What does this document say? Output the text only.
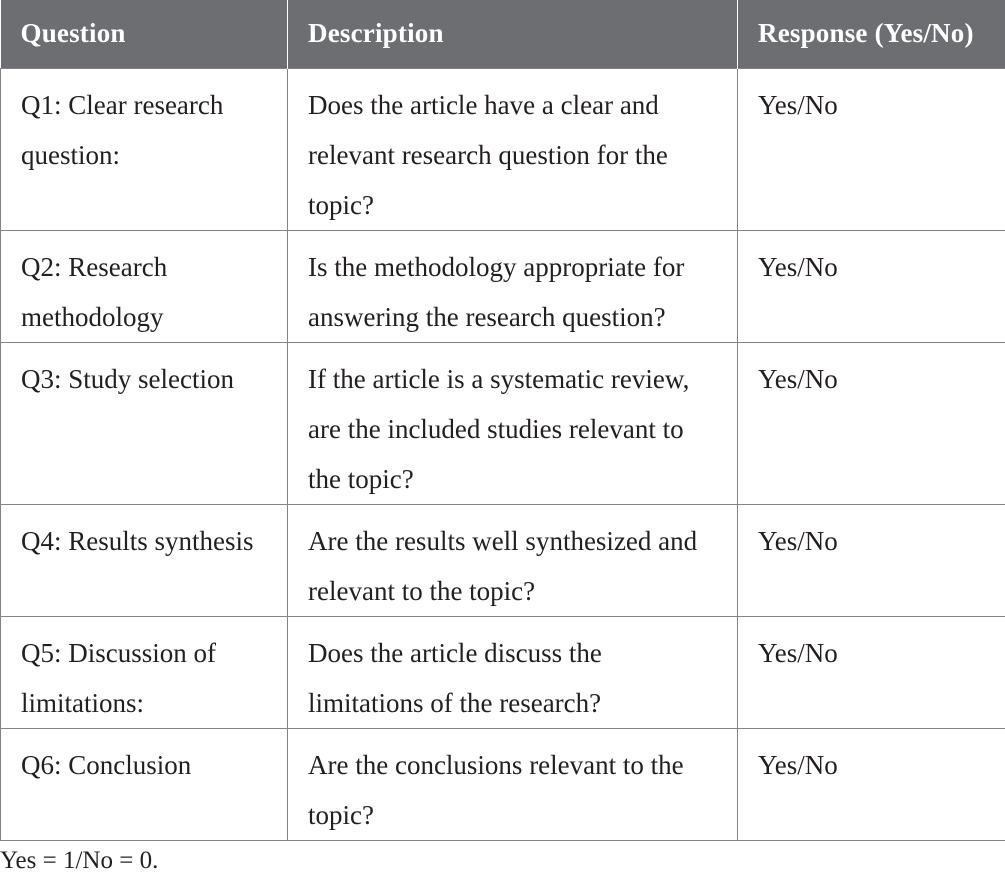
Question	Description	Response (Yes/No)
Q1: Clear research question:	Does the article have a clear and relevant research question for the topic?	Yes/No
Q2: Research methodology	Is the methodology appropriate for answering the research question?	Yes/No
Q3: Study selection	If the article is a systematic review, are the included studies relevant to the topic?	Yes/No
Q4: Results synthesis	Are the results well synthesized and relevant to the topic?	Yes/No
Q5: Discussion of limitations:	Does the article discuss the limitations of the research?	Yes/No
Q6: Conclusion	Are the conclusions relevant to the topic?	Yes/No
Yes = 1/No = 0.
